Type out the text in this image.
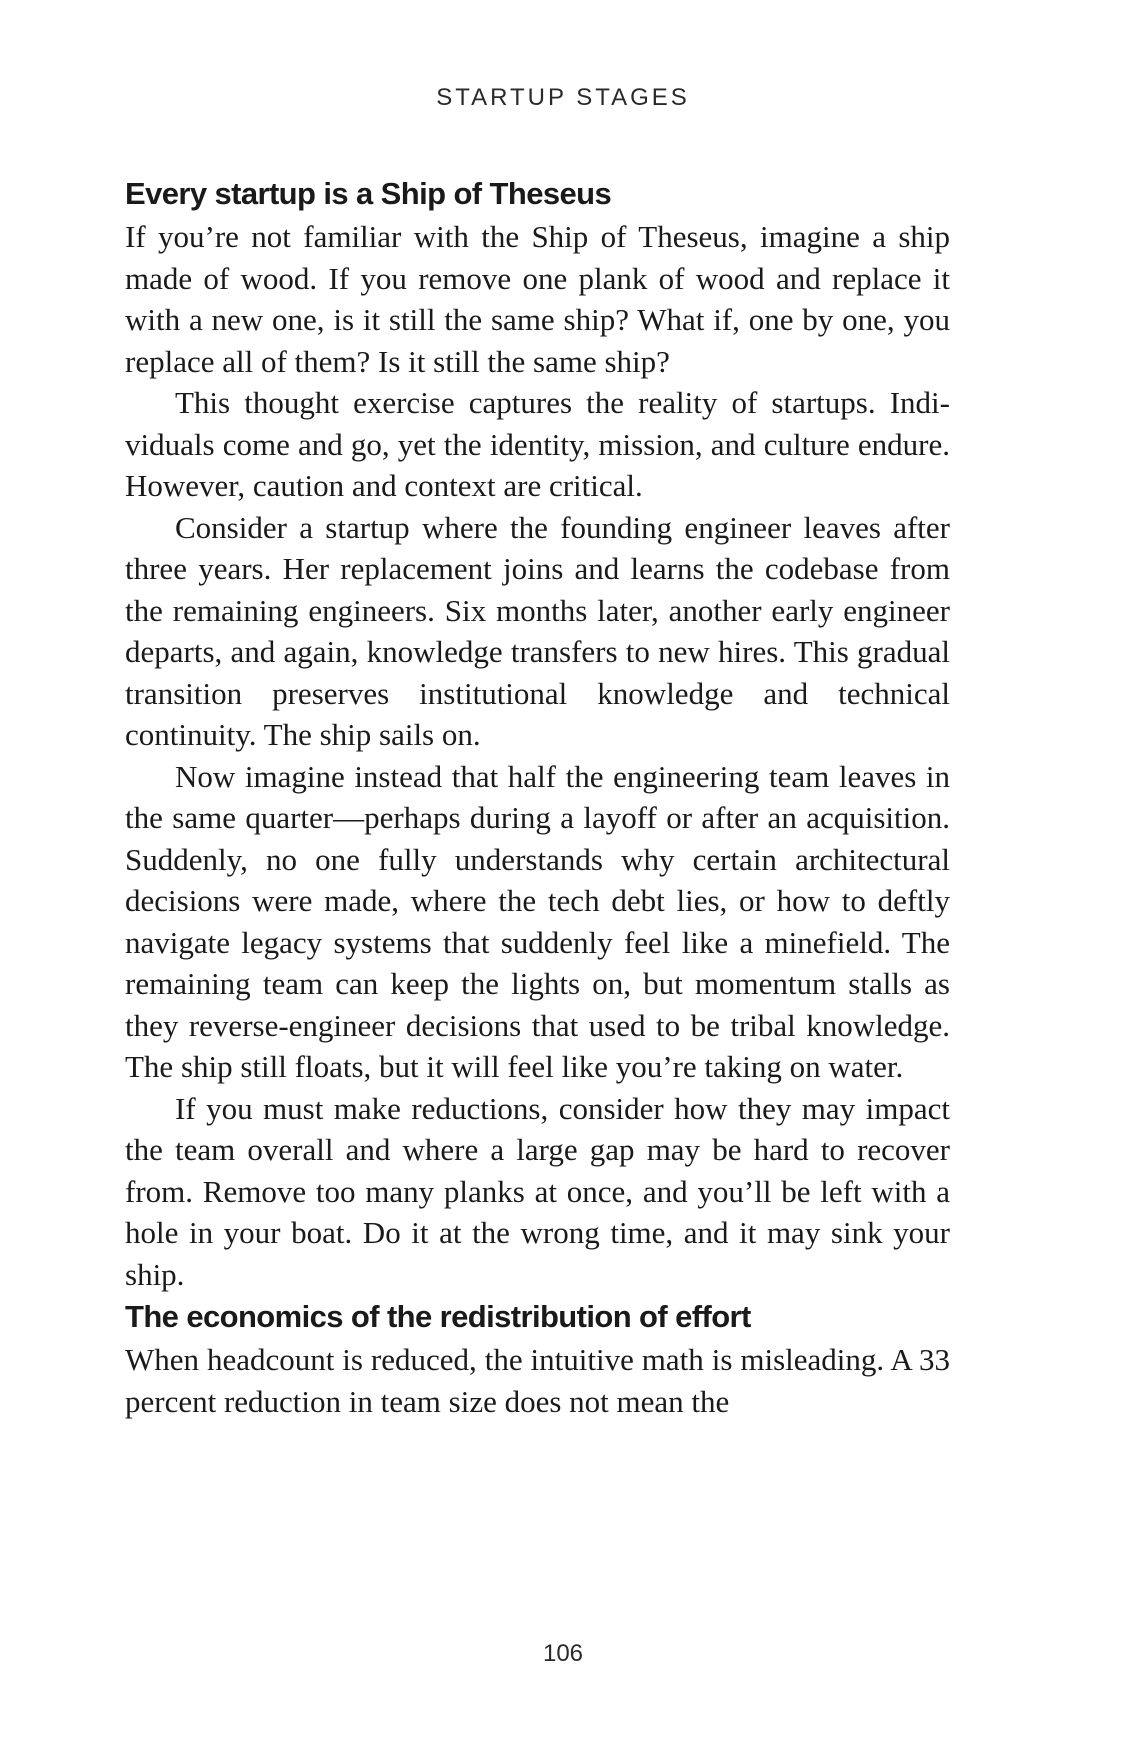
STARTUP STAGES
Every startup is a Ship of Theseus

If you’re not familiar with the Ship of Theseus, imagine a ship made of wood. If you remove one plank of wood and replace it with a new one, is it still the same ship? What if, one by one, you replace all of them? Is it still the same ship?

This thought exercise captures the reality of startups. Individuals come and go, yet the identity, mission, and culture endure. However, caution and context are critical.

Consider a startup where the founding engineer leaves after three years. Her replacement joins and learns the codebase from the remaining engineers. Six months later, another early engineer departs, and again, knowledge transfers to new hires. This gradual transition preserves institutional knowledge and technical continuity. The ship sails on.

Now imagine instead that half the engineering team leaves in the same quarter—perhaps during a layoff or after an acquisition. Suddenly, no one fully understands why certain architectural decisions were made, where the tech debt lies, or how to deftly navigate legacy systems that suddenly feel like a minefield. The remaining team can keep the lights on, but momentum stalls as they reverse-engineer decisions that used to be tribal knowledge. The ship still floats, but it will feel like you’re taking on water.

If you must make reductions, consider how they may impact the team overall and where a large gap may be hard to recover from. Remove too many planks at once, and you’ll be left with a hole in your boat. Do it at the wrong time, and it may sink your ship.

The economics of the redistribution of effort

When headcount is reduced, the intuitive math is misleading. A 33 percent reduction in team size does not mean the

106
